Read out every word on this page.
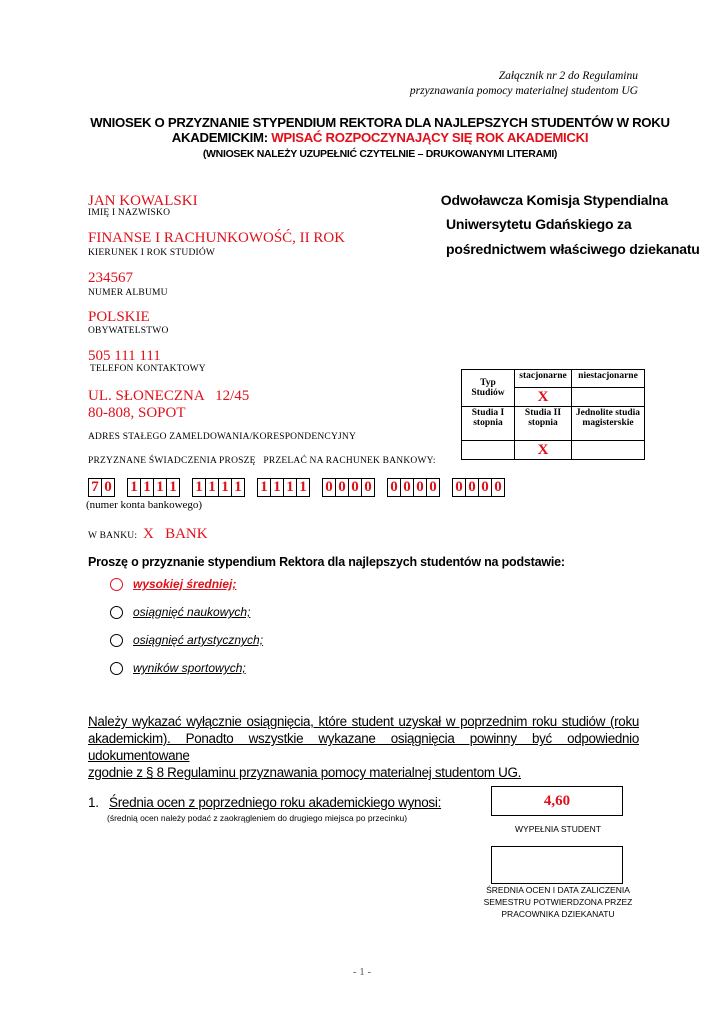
Załącznik nr 2 do Regulaminu
przyznawania pomocy materialnej studentom UG
WNIOSEK O PRZYZNANIE STYPENDIUM REKTORA DLA NAJLEPSZYCH STUDENTÓW W ROKU
AKADEMICKIM: WPISAĆ ROZPOCZYNAJĄCY SIĘ ROK AKADEMICKI
(WNIOSEK NALEŻY UZUPEŁNIĆ CZYTELNIE – DRUKOWANYMI LITERAMI)
JAN KOWALSKI
IMIĘ I NAZWISKO
FINANSE I RACHUNKOWOŚĆ, II ROK
KIERUNEK I ROK STUDIÓW
234567
NUMER ALBUMU
POLSKIE
OBYWATELSTWO
505 111 111
TELEFON KONTAKTOWY
UL. SŁONECZNA   12/45
80-808, SOPOT
ADRES STAŁEGO ZAMELDOWANIA/KORESPONDENCYJNY
PRZYZNANE ŚWIADCZENIA PROSZĘ   PRZELAĆ NA RACHUNEK BANKOWY:
7 0 1 1 1 1 1 1 1 1 1 1 1 1 0 0 0 0 0 0 0 0 0 0 0 0
(numer konta bankowego)
W BANKU: X   BANK
Odwoławcza Komisja Stypendialna
Uniwersytetu Gdańskiego za
pośrednictwem właściwego dziekanatu
Typ
Studiów	stacjonarne	niestacjonarne
	X	
Studia I stopnia	Studia II stopnia	Jednolite studia magisterskie
	X	
Proszę o przyznanie stypendium Rektora dla najlepszych studentów na podstawie:
wysokiej średniej;
osiągnięć naukowych;
osiągnięć artystycznych;
wyników sportowych;
Należy wykazać wyłącznie osiągnięcia, które student uzyskał w poprzednim roku studiów (roku
akademickim). Ponadto wszystkie wykazane osiągnięcia powinny być odpowiednio udokumentowane
zgodnie z § 8 Regulaminu przyznawania pomocy materialnej studentom UG.
1. Średnia ocen z poprzedniego roku akademickiego wynosi:
(średnią ocen należy podać z zaokrągleniem do drugiego miejsca po przecinku)
4,60
WYPEŁNIA STUDENT
ŚREDNIA OCEN I DATA ZALICZENIA
SEMESTRU POTWIERDZONA PRZEZ
PRACOWNIKA DZIEKANATU
- 1 -
